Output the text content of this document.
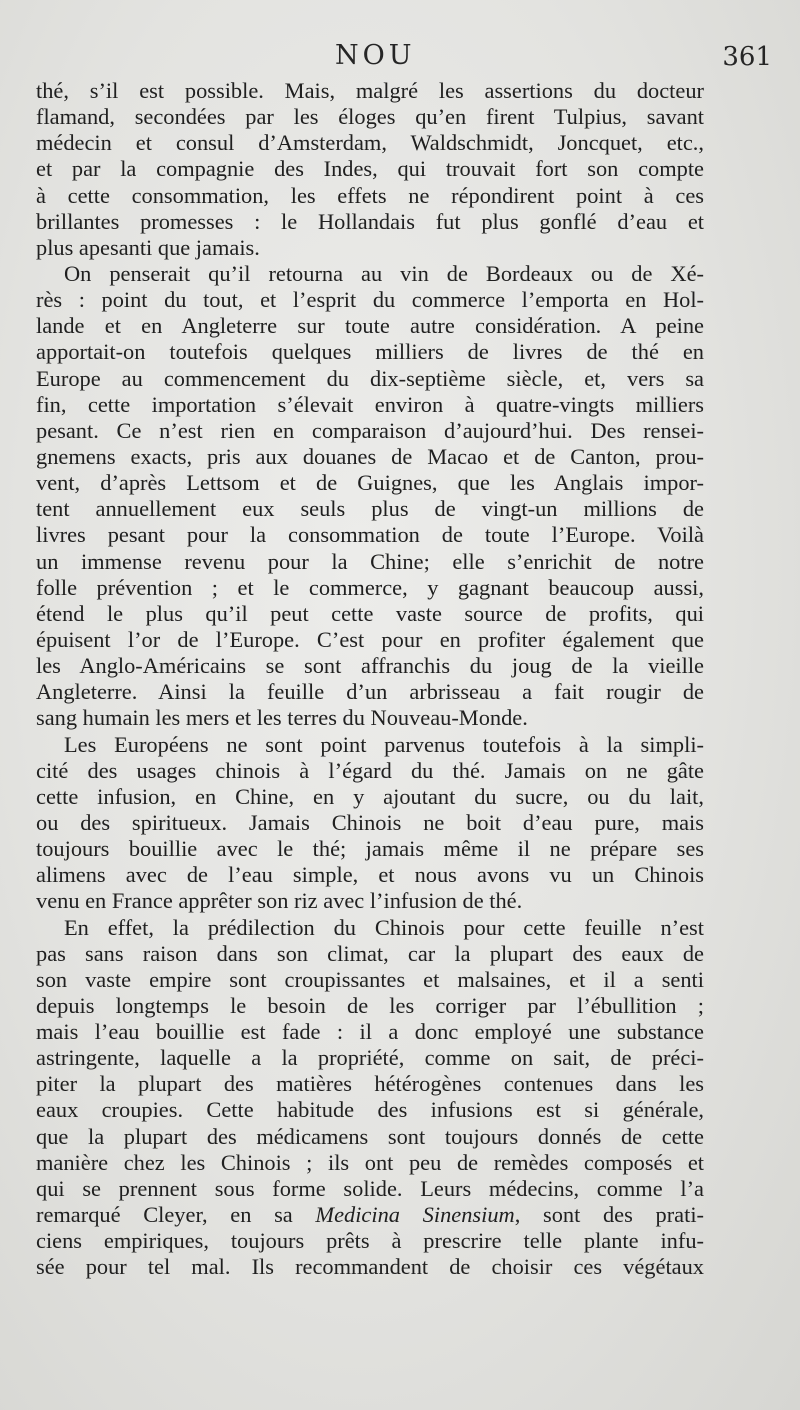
NOU	361
thé, s’il est possible. Mais, malgré les assertions du docteur
flamand, secondées par les éloges qu’en firent Tulpius, savant
médecin et consul d’Amsterdam, Waldschmidt, Joncquet, etc.,
et par la compagnie des Indes, qui trouvait fort son compte
à cette consommation, les effets ne répondirent point à ces
brillantes promesses : le Hollandais fut plus gonflé d’eau et
plus apesanti que jamais.
On penserait qu’il retourna au vin de Bordeaux ou de Xé-
rès : point du tout, et l’esprit du commerce l’emporta en Hol-
lande et en Angleterre sur toute autre considération. A peine
apportait-on toutefois quelques milliers de livres de thé en
Europe au commencement du dix-septième siècle, et, vers sa
fin, cette importation s’élevait environ à quatre-vingts milliers
pesant. Ce n’est rien en comparaison d’aujourd’hui. Des rensei-
gnemens exacts, pris aux douanes de Macao et de Canton, prou-
vent, d’après Lettsom et de Guignes, que les Anglais impor-
tent annuellement eux seuls plus de vingt-un millions de
livres pesant pour la consommation de toute l’Europe. Voilà
un immense revenu pour la Chine; elle s’enrichit de notre
folle prévention ; et le commerce, y gagnant beaucoup aussi,
étend le plus qu’il peut cette vaste source de profits, qui
épuisent l’or de l’Europe. C’est pour en profiter également que
les Anglo-Américains se sont affranchis du joug de la vieille
Angleterre. Ainsi la feuille d’un arbrisseau a fait rougir de
sang humain les mers et les terres du Nouveau-Monde.
Les Européens ne sont point parvenus toutefois à la simpli-
cité des usages chinois à l’égard du thé. Jamais on ne gâte
cette infusion, en Chine, en y ajoutant du sucre, ou du lait,
ou des spiritueux. Jamais Chinois ne boit d’eau pure, mais
toujours bouillie avec le thé; jamais même il ne prépare ses
alimens avec de l’eau simple, et nous avons vu un Chinois
venu en France apprêter son riz avec l’infusion de thé.
En effet, la prédilection du Chinois pour cette feuille n’est
pas sans raison dans son climat, car la plupart des eaux de
son vaste empire sont croupissantes et malsaines, et il a senti
depuis longtemps le besoin de les corriger par l’ébullition ;
mais l’eau bouillie est fade : il a donc employé une substance
astringente, laquelle a la propriété, comme on sait, de préci-
piter la plupart des matières hétérogènes contenues dans les
eaux croupies. Cette habitude des infusions est si générale,
que la plupart des médicamens sont toujours donnés de cette
manière chez les Chinois ; ils ont peu de remèdes composés et
qui se prennent sous forme solide. Leurs médecins, comme l’a
remarqué Cleyer, en sa Medicina Sinensium, sont des prati-
ciens empiriques, toujours prêts à prescrire telle plante infu-
sée pour tel mal. Ils recommandent de choisir ces végétaux
